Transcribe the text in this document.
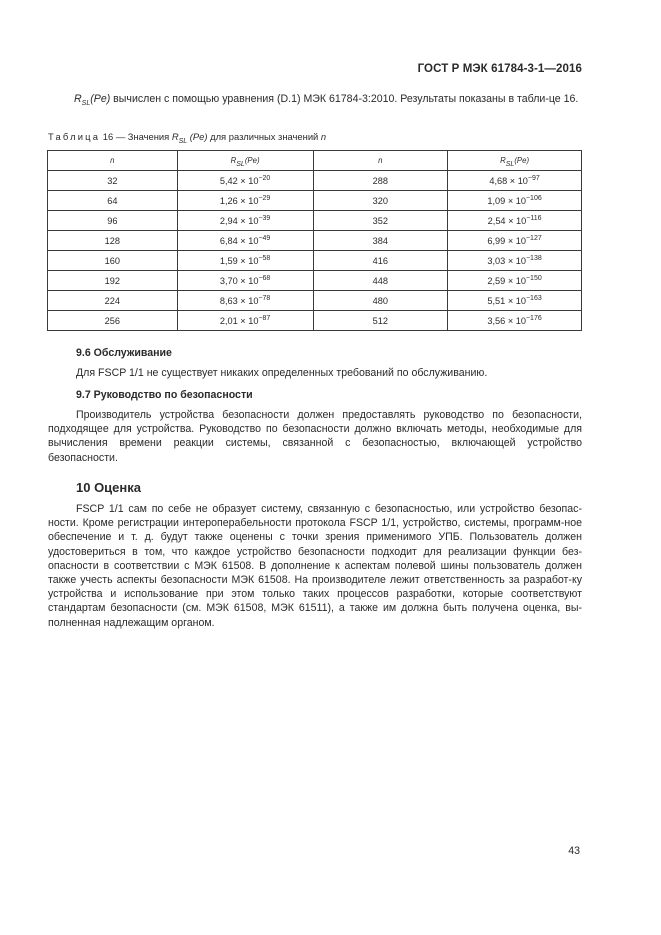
ГОСТ Р МЭК 61784-3-1—2016
$R_{SL}(Pe)$ вычислен с помощью уравнения (D.1) МЭК 61784-3:2010. Результаты показаны в табли-це 16.
Таблица 16 — Значения $R_{SL}$ (Pe) для различных значений n
n	$R_{SL}(Pe)$	n	$R_{SL}(Pe)$
32	$5,42 \times 10^{-20}$	288	$4,68 \times 10^{-97}$
64	$1,26 \times 10^{-29}$	320	$1,09 \times 10^{-106}$
96	$2,94 \times 10^{-39}$	352	$2,54 \times 10^{-116}$
128	$6,84 \times 10^{-49}$	384	$6,99 \times 10^{-127}$
160	$1,59 \times 10^{-58}$	416	$3,03 \times 10^{-138}$
192	$3,70 \times 10^{-68}$	448	$2,59 \times 10^{-150}$
224	$8,63 \times 10^{-78}$	480	$5,51 \times 10^{-163}$
256	$2,01 \times 10^{-87}$	512	$3,56 \times 10^{-176}$
9.6 Обслуживание
Для FSCP 1/1 не существует никаких определенных требований по обслуживанию.
9.7 Руководство по безопасности
Производитель устройства безопасности должен предоставлять руководство по безопасности, подходящее для устройства. Руководство по безопасности должно включать методы, необходимые для вычисления времени реакции системы, связанной с безопасностью, включающей устройство безопасности.
10 Оценка
FSCP 1/1 сам по себе не образует систему, связанную с безопасностью, или устройство безопас-ности. Кроме регистрации интероперабельности протокола FSCP 1/1, устройство, системы, программ-ное обеспечение и т. д. будут также оценены с точки зрения применимого УПБ. Пользователь должен удостовериться в том, что каждое устройство безопасности подходит для реализации функции без-опасности в соответствии с МЭК 61508. В дополнение к аспектам полевой шины пользователь должен также учесть аспекты безопасности МЭК 61508. На производителе лежит ответственность за разработ-ку устройства и использование при этом только таких процессов разработки, которые соответствуют стандартам безопасности (см. МЭК 61508, МЭК 61511), а также им должна быть получена оценка, вы-полненная надлежащим органом.
43
